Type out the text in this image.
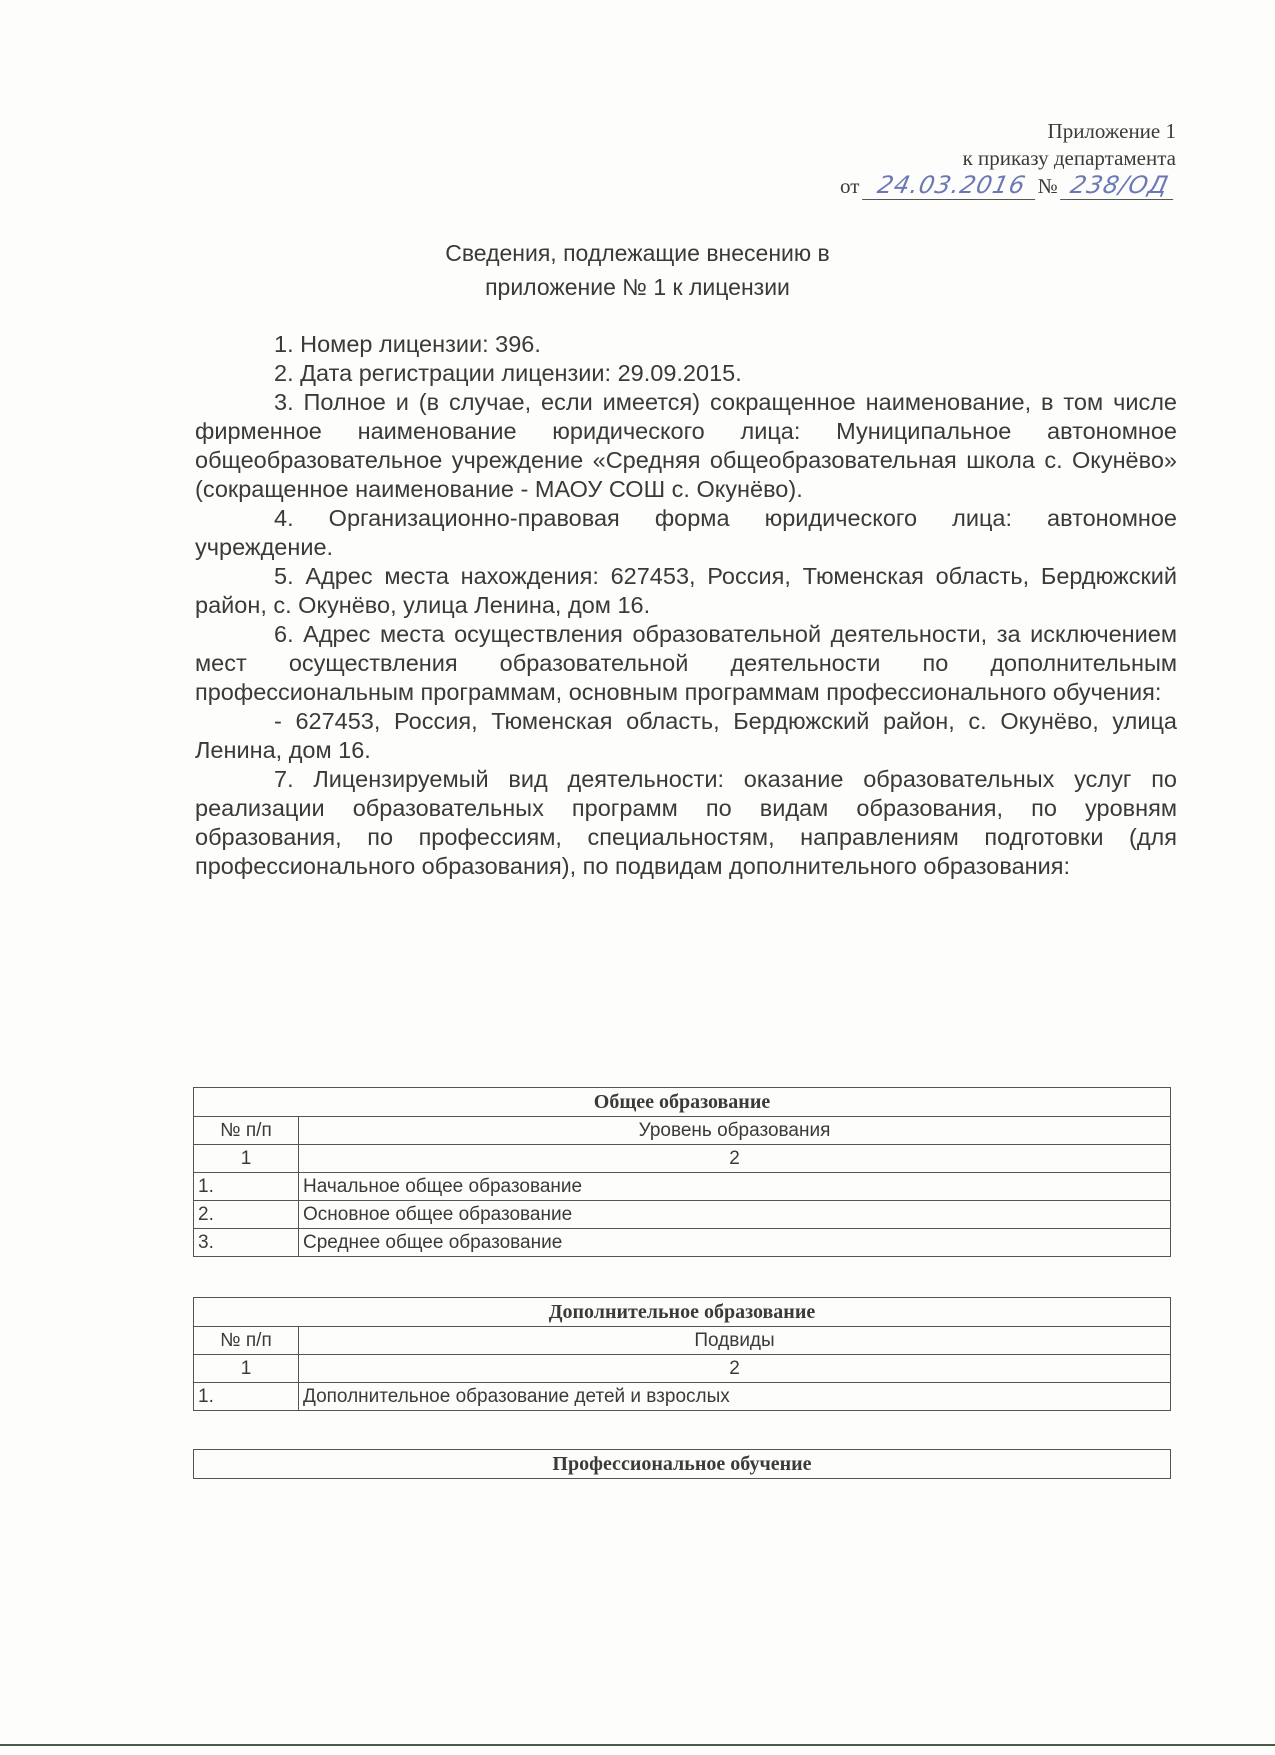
Приложение 1
к приказу департамента
от 24.03.2016 № 238/ОД
Сведения, подлежащие внесению в
приложение № 1 к лицензии

1. Номер лицензии: 396.

2. Дата регистрации лицензии: 29.09.2015.

3. Полное и (в случае, если имеется) сокращенное наименование, в том числе фирменное наименование юридического лица: Муниципальное автономное общеобразовательное учреждение «Средняя общеобразовательная школа с. Окунёво» (сокращенное наименование - МАОУ СОШ с. Окунёво).

4. Организационно-правовая форма юридического лица: автономное учреждение.

5. Адрес места нахождения: 627453, Россия, Тюменская область, Бердюжский район, с. Окунёво, улица Ленина, дом 16.

6. Адрес места осуществления образовательной деятельности, за исключением мест осуществления образовательной деятельности по дополнительным профессиональным программам, основным программам профессионального обучения:

- 627453, Россия, Тюменская область, Бердюжский район, с. Окунёво, улица Ленина, дом 16.

7. Лицензируемый вид деятельности: оказание образовательных услуг по реализации образовательных программ по видам образования, по уровням образования, по профессиям, специальностям, направлениям подготовки (для профессионального образования), по подвидам дополнительного образования:

Общее образование	
№ п/п	Уровень образования
1	2
1.	Начальное общее образование
2.	Основное общее образование
3.	Среднее общее образование
Дополнительное образование	
№ п/п	Подвиды
1	2
1.	Дополнительное образование детей и взрослых
Профессиональное обучение
